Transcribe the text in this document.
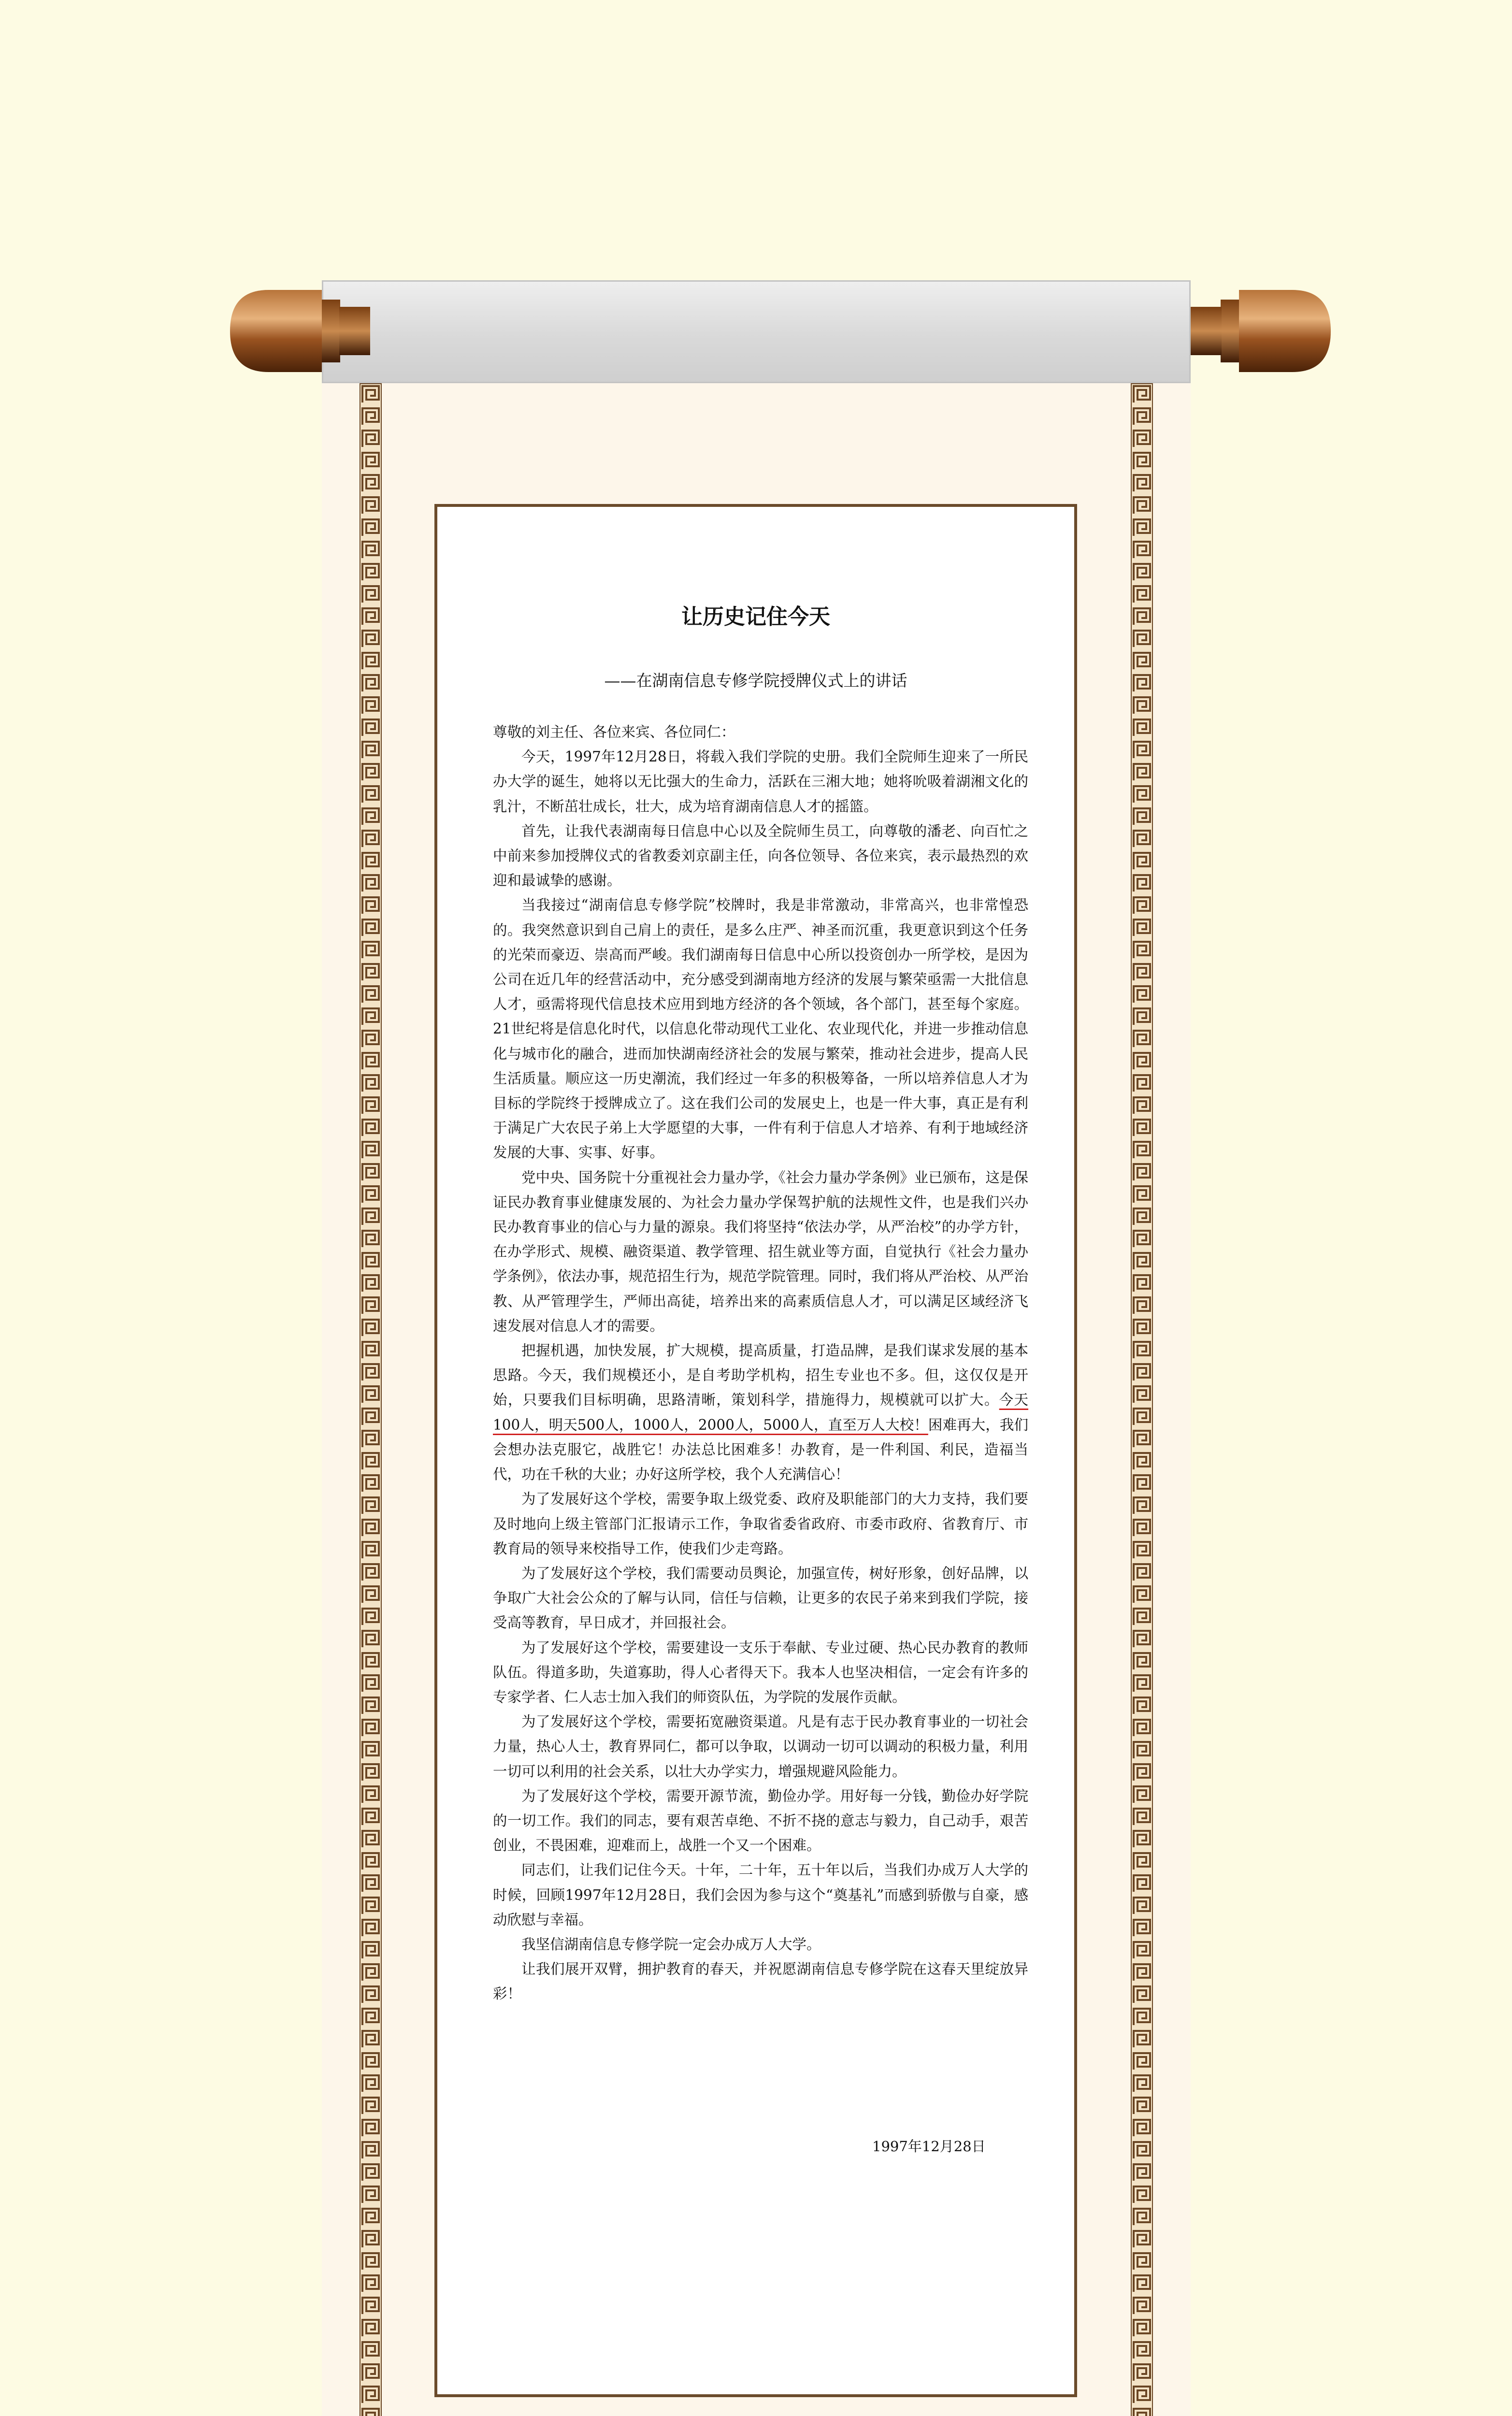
让历史记住今天
——在湖南信息专修学院授牌仪式上的讲话

尊敬的刘主任、各位来宾、各位同仁：

今天，1997年12月28日，将载入我们学院的史册。我们全院师生迎来了一所民办大学的诞生，她将以无比强大的生命力，活跃在三湘大地；她将吮吸着湖湘文化的乳汁，不断茁壮成长，壮大，成为培育湖南信息人才的摇篮。

首先，让我代表湖南每日信息中心以及全院师生员工，向尊敬的潘老、向百忙之中前来参加授牌仪式的省教委刘京副主任，向各位领导、各位来宾，表示最热烈的欢迎和最诚挚的感谢。

当我接过“湖南信息专修学院”校牌时，我是非常激动，非常高兴，也非常惶恐的。我突然意识到自己肩上的责任，是多么庄严、神圣而沉重，我更意识到这个任务的光荣而豪迈、崇高而严峻。我们湖南每日信息中心所以投资创办一所学校，是因为公司在近几年的经营活动中，充分感受到湖南地方经济的发展与繁荣亟需一大批信息人才，亟需将现代信息技术应用到地方经济的各个领域，各个部门，甚至每个家庭。21世纪将是信息化时代，以信息化带动现代工业化、农业现代化，并进一步推动信息化与城市化的融合，进而加快湖南经济社会的发展与繁荣，推动社会进步，提高人民生活质量。顺应这一历史潮流，我们经过一年多的积极筹备，一所以培养信息人才为目标的学院终于授牌成立了。这在我们公司的发展史上，也是一件大事，真正是有利于满足广大农民子弟上大学愿望的大事，一件有利于信息人才培养、有利于地域经济发展的大事、实事、好事。

党中央、国务院十分重视社会力量办学，《社会力量办学条例》业已颁布，这是保证民办教育事业健康发展的、为社会力量办学保驾护航的法规性文件，也是我们兴办民办教育事业的信心与力量的源泉。我们将坚持“依法办学，从严治校”的办学方针，在办学形式、规模、融资渠道、教学管理、招生就业等方面，自觉执行《社会力量办学条例》，依法办事，规范招生行为，规范学院管理。同时，我们将从严治校、从严治教、从严管理学生，严师出高徒，培养出来的高素质信息人才，可以满足区域经济飞速发展对信息人才的需要。

把握机遇，加快发展，扩大规模，提高质量，打造品牌，是我们谋求发展的基本思路。今天，我们规模还小，是自考助学机构，招生专业也不多。但，这仅仅是开始，只要我们目标明确，思路清晰，策划科学，措施得力，规模就可以扩大。今天100人，明天500人，1000人，2000人，5000人，直至万人大校！困难再大，我们会想办法克服它，战胜它！办法总比困难多！办教育，是一件利国、利民，造福当代，功在千秋的大业；办好这所学校，我个人充满信心！

为了发展好这个学校，需要争取上级党委、政府及职能部门的大力支持，我们要及时地向上级主管部门汇报请示工作，争取省委省政府、市委市政府、省教育厅、市教育局的领导来校指导工作，使我们少走弯路。

为了发展好这个学校，我们需要动员舆论，加强宣传，树好形象，创好品牌，以争取广大社会公众的了解与认同，信任与信赖，让更多的农民子弟来到我们学院，接受高等教育，早日成才，并回报社会。

为了发展好这个学校，需要建设一支乐于奉献、专业过硬、热心民办教育的教师队伍。得道多助，失道寡助，得人心者得天下。我本人也坚决相信，一定会有许多的专家学者、仁人志士加入我们的师资队伍，为学院的发展作贡献。

为了发展好这个学校，需要拓宽融资渠道。凡是有志于民办教育事业的一切社会力量，热心人士，教育界同仁，都可以争取，以调动一切可以调动的积极力量，利用一切可以利用的社会关系，以壮大办学实力，增强规避风险能力。

为了发展好这个学校，需要开源节流，勤俭办学。用好每一分钱，勤俭办好学院的一切工作。我们的同志，要有艰苦卓绝、不折不挠的意志与毅力，自己动手，艰苦创业，不畏困难，迎难而上，战胜一个又一个困难。

同志们，让我们记住今天。十年，二十年，五十年以后，当我们办成万人大学的时候，回顾1997年12月28日，我们会因为参与这个“奠基礼”而感到骄傲与自豪，感动欣慰与幸福。

我坚信湖南信息专修学院一定会办成万人大学。

让我们展开双臂，拥护教育的春天，并祝愿湖南信息专修学院在这春天里绽放异彩！

1997年12月28日
